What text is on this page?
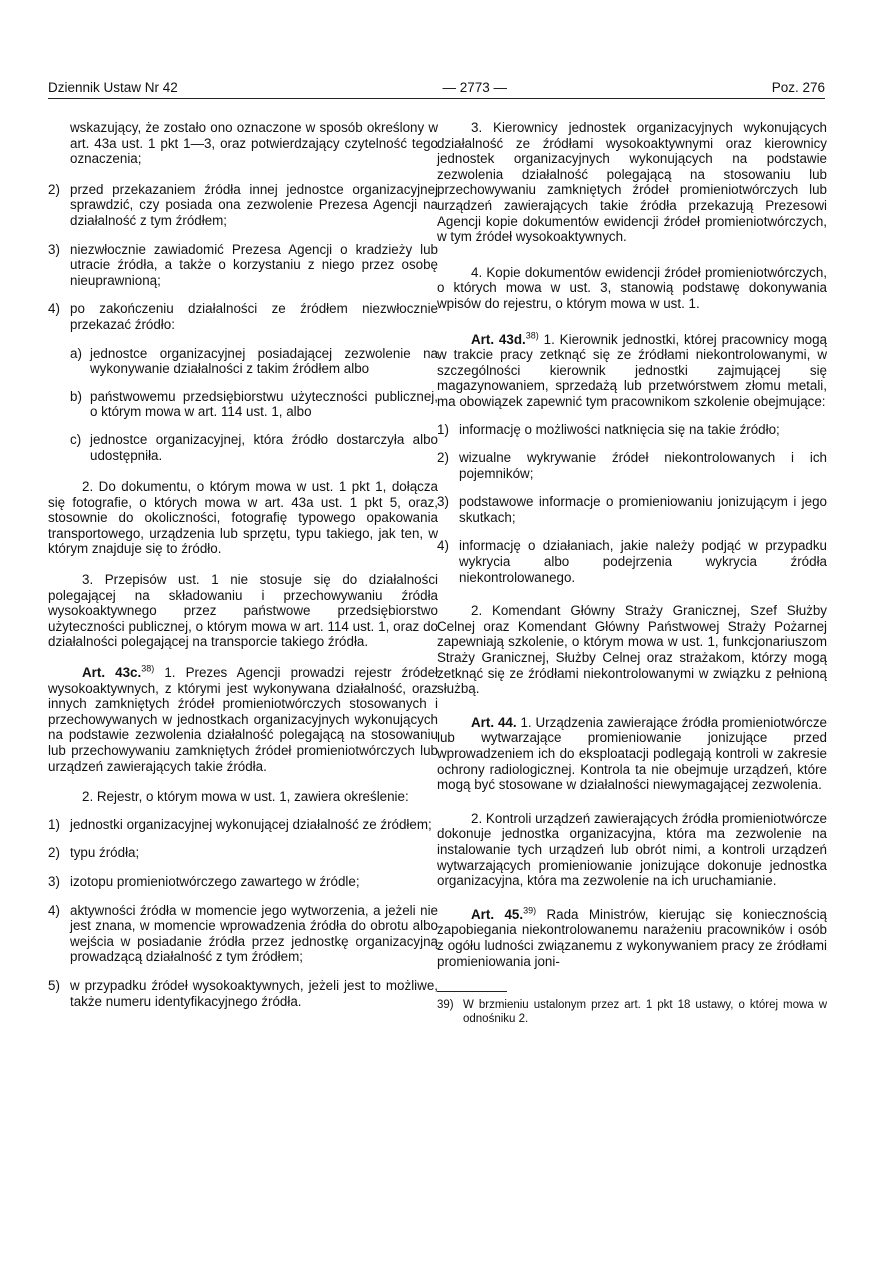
Dziennik Ustaw Nr 42	— 2773 —	Poz. 276

wskazujący, że zostało ono oznaczone w sposób określony w art. 43a ust. 1 pkt 1—3, oraz potwierdzający czytelność tego oznaczenia;

2) przed przekazaniem źródła innej jednostce organizacyjnej sprawdzić, czy posiada ona zezwolenie Prezesa Agencji na działalność z tym źródłem;
3) niezwłocznie zawiadomić Prezesa Agencji o kradzieży lub utracie źródła, a także o korzystaniu z niego przez osobę nieuprawnioną;
4) po zakończeniu działalności ze źródłem niezwłocznie przekazać źródło:
a) jednostce organizacyjnej posiadającej zezwolenie na wykonywanie działalności z takim źródłem albo
b) państwowemu przedsiębiorstwu użyteczności publicznej, o którym mowa w art. 114 ust. 1, albo
c) jednostce organizacyjnej, która źródło dostarczyła albo udostępniła.

2. Do dokumentu, o którym mowa w ust. 1 pkt 1, dołącza się fotografie, o których mowa w art. 43a ust. 1 pkt 5, oraz, stosownie do okoliczności, fotografię typowego opakowania transportowego, urządzenia lub sprzętu, typu takiego, jak ten, w którym znajduje się to źródło.

3. Przepisów ust. 1 nie stosuje się do działalności polegającej na składowaniu i przechowywaniu źródła wysokoaktywnego przez państwowe przedsiębiorstwo użyteczności publicznej, o którym mowa w art. 114 ust. 1, oraz do działalności polegającej na transporcie takiego źródła.

Art. 43c.$^{38)}$ 1. Prezes Agencji prowadzi rejestr źródeł wysokoaktywnych, z którymi jest wykonywana działalność, oraz innych zamkniętych źródeł promieniotwórczych stosowanych i przechowywanych w jednostkach organizacyjnych wykonujących na podstawie zezwolenia działalność polegającą na stosowaniu lub przechowywaniu zamkniętych źródeł promieniotwórczych lub urządzeń zawierających takie źródła.

2. Rejestr, o którym mowa w ust. 1, zawiera określenie:

1) jednostki organizacyjnej wykonującej działalność ze źródłem;
2) typu źródła;
3) izotopu promieniotwórczego zawartego w źródle;
4) aktywności źródła w momencie jego wytworzenia, a jeżeli nie jest znana, w momencie wprowadzenia źródła do obrotu albo wejścia w posiadanie źródła przez jednostkę organizacyjną prowadzącą działalność z tym źródłem;
5) w przypadku źródeł wysokoaktywnych, jeżeli jest to możliwe, także numeru identyfikacyjnego źródła.

3. Kierownicy jednostek organizacyjnych wykonujących działalność ze źródłami wysokoaktywnymi oraz kierownicy jednostek organizacyjnych wykonujących na podstawie zezwolenia działalność polegającą na stosowaniu lub przechowywaniu zamkniętych źródeł promieniotwórczych lub urządzeń zawierających takie źródła przekazują Prezesowi Agencji kopie dokumentów ewidencji źródeł promieniotwórczych, w tym źródeł wysokoaktywnych.

4. Kopie dokumentów ewidencji źródeł promieniotwórczych, o których mowa w ust. 3, stanowią podstawę dokonywania wpisów do rejestru, o którym mowa w ust. 1.

Art. 43d.$^{38)}$ 1. Kierownik jednostki, której pracownicy mogą w trakcie pracy zetknąć się ze źródłami niekontrolowanymi, w szczególności kierownik jednostki zajmującej się magazynowaniem, sprzedażą lub przetwórstwem złomu metali, ma obowiązek zapewnić tym pracownikom szkolenie obejmujące:

1) informację o możliwości natknięcia się na takie źródło;
2) wizualne wykrywanie źródeł niekontrolowanych i ich pojemników;
3) podstawowe informacje o promieniowaniu jonizującym i jego skutkach;
4) informację o działaniach, jakie należy podjąć w przypadku wykrycia albo podejrzenia wykrycia źródła niekontrolowanego.

2. Komendant Główny Straży Granicznej, Szef Służby Celnej oraz Komendant Główny Państwowej Straży Pożarnej zapewniają szkolenie, o którym mowa w ust. 1, funkcjonariuszom Straży Granicznej, Służby Celnej oraz strażakom, którzy mogą zetknąć się ze źródłami niekontrolowanymi w związku z pełnioną służbą.

Art. 44. 1. Urządzenia zawierające źródła promieniotwórcze lub wytwarzające promieniowanie jonizujące przed wprowadzeniem ich do eksploatacji podlegają kontroli w zakresie ochrony radiologicznej. Kontrola ta nie obejmuje urządzeń, które mogą być stosowane w działalności niewymagającej zezwolenia.

2. Kontroli urządzeń zawierających źródła promieniotwórcze dokonuje jednostka organizacyjna, która ma zezwolenie na instalowanie tych urządzeń lub obrót nimi, a kontroli urządzeń wytwarzających promieniowanie jonizujące dokonuje jednostka organizacyjna, która ma zezwolenie na ich uruchamianie.

Art. 45.$^{39)}$ Rada Ministrów, kierując się koniecznością zapobiegania niekontrolowanemu narażeniu pracowników i osób z ogółu ludności związanemu z wykonywaniem pracy ze źródłami promieniowania joni-

39) W brzmieniu ustalonym przez art. 1 pkt 18 ustawy, o której mowa w odnośniku 2.
